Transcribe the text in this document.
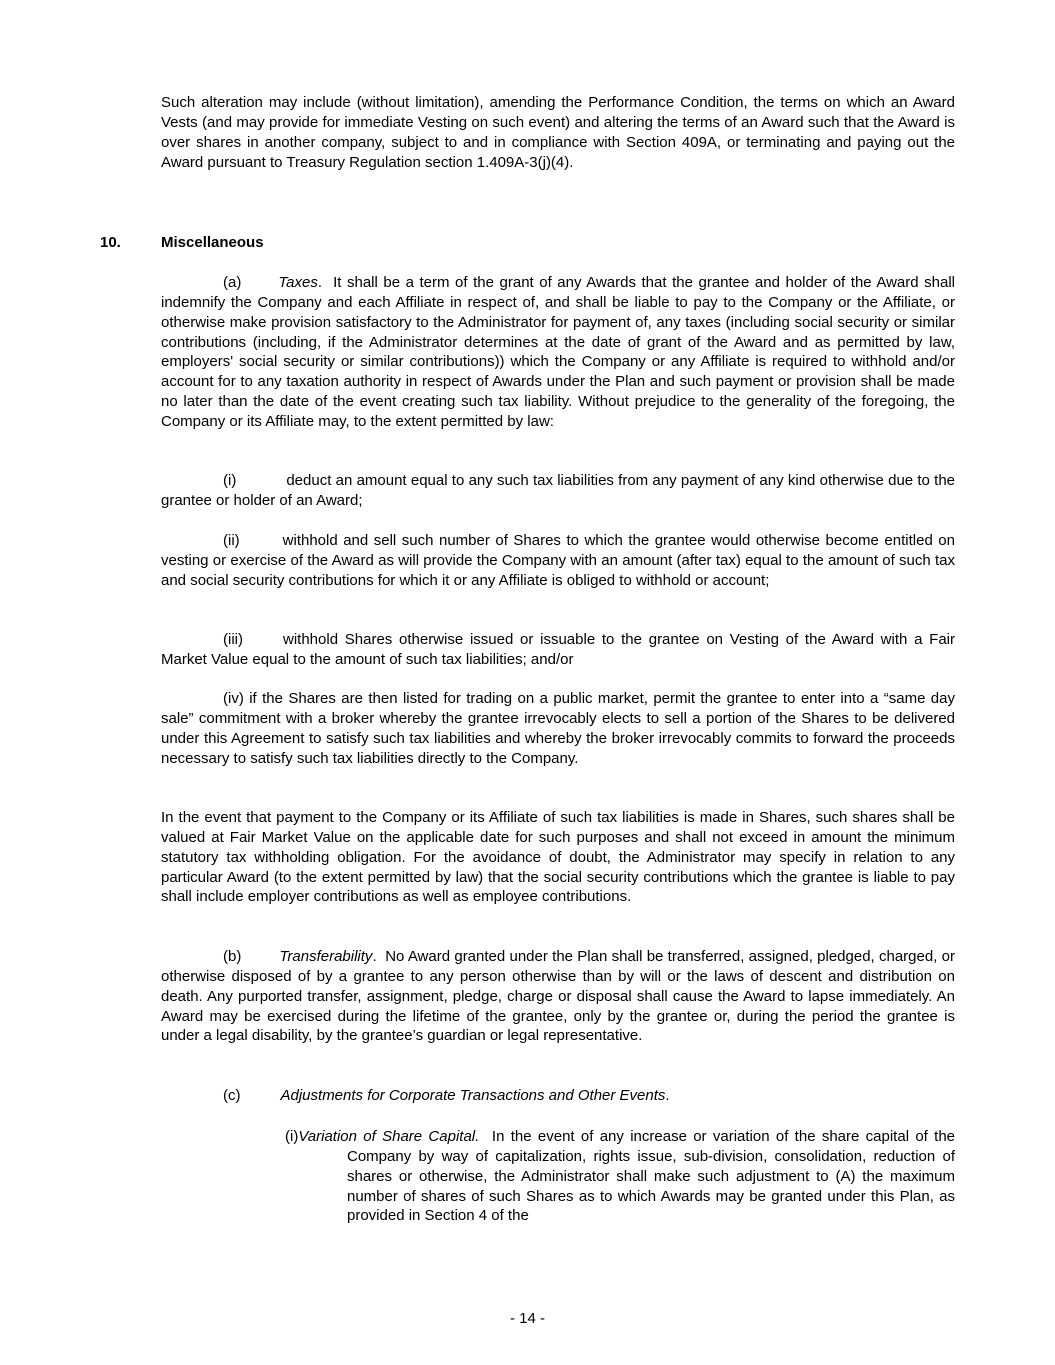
Such alteration may include (without limitation), amending the Performance Condition, the terms on which an Award Vests (and may provide for immediate Vesting on such event) and altering the terms of an Award such that the Award is over shares in another company, subject to and in compliance with Section 409A, or terminating and paying out the Award pursuant to Treasury Regulation section 1.409A-3(j)(4).

10.	Miscellaneous

(a) Taxes. It shall be a term of the grant of any Awards that the grantee and holder of the Award shall indemnify the Company and each Affiliate in respect of, and shall be liable to pay to the Company or the Affiliate, or otherwise make provision satisfactory to the Administrator for payment of, any taxes (including social security or similar contributions (including, if the Administrator determines at the date of grant of the Award and as permitted by law, employers' social security or similar contributions)) which the Company or any Affiliate is required to withhold and/or account for to any taxation authority in respect of Awards under the Plan and such payment or provision shall be made no later than the date of the event creating such tax liability. Without prejudice to the generality of the foregoing, the Company or its Affiliate may, to the extent permitted by law:

(i)	deduct an amount equal to any such tax liabilities from any payment of any kind otherwise due to the grantee or holder of an Award;

(ii)	withhold and sell such number of Shares to which the grantee would otherwise become entitled on vesting or exercise of the Award as will provide the Company with an amount (after tax) equal to the amount of such tax and social security contributions for which it or any Affiliate is obliged to withhold or account;

(iii)	withhold Shares otherwise issued or issuable to the grantee on Vesting of the Award with a Fair Market Value equal to the amount of such tax liabilities; and/or

(iv) if the Shares are then listed for trading on a public market, permit the grantee to enter into a “same day sale” commitment with a broker whereby the grantee irrevocably elects to sell a portion of the Shares to be delivered under this Agreement to satisfy such tax liabilities and whereby the broker irrevocably commits to forward the proceeds necessary to satisfy such tax liabilities directly to the Company.

In the event that payment to the Company or its Affiliate of such tax liabilities is made in Shares, such shares shall be valued at Fair Market Value on the applicable date for such purposes and shall not exceed in amount the minimum statutory tax withholding obligation. For the avoidance of doubt, the Administrator may specify in relation to any particular Award (to the extent permitted by law) that the social security contributions which the grantee is liable to pay shall include employer contributions as well as employee contributions.

(b)	Transferability. No Award granted under the Plan shall be transferred, assigned, pledged, charged, or otherwise disposed of by a grantee to any person otherwise than by will or the laws of descent and distribution on death. Any purported transfer, assignment, pledge, charge or disposal shall cause the Award to lapse immediately. An Award may be exercised during the lifetime of the grantee, only by the grantee or, during the period the grantee is under a legal disability, by the grantee’s guardian or legal representative.

(c)	Adjustments for Corporate Transactions and Other Events.

(i)Variation of Share Capital. In the event of any increase or variation of the share capital of the Company by way of capitalization, rights issue, sub-division, consolidation, reduction of shares or otherwise, the Administrator shall make such adjustment to (A) the maximum number of shares of such Shares as to which Awards may be granted under this Plan, as provided in Section 4 of the

- 14 -
